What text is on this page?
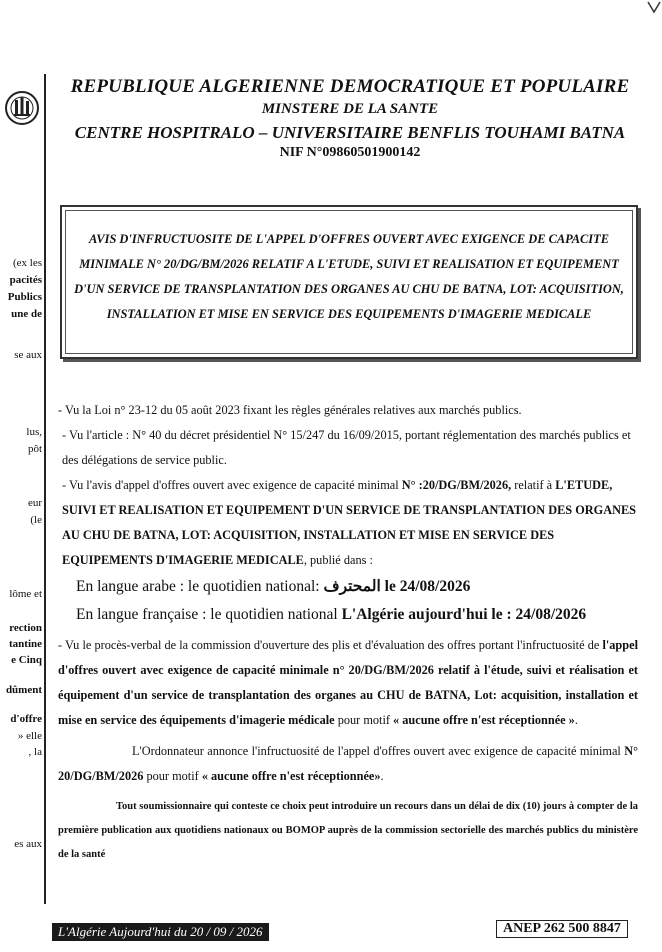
(ex les
pacités
Publics
une de
se aux
lus,
pôt
eur
(le
lôme et
rection
tantine
e Cinq
dûment
d'offre
» elle
, la
es aux
REPUBLIQUE ALGERIENNE DEMOCRATIQUE ET POPULAIRE
MINSTERE DE LA SANTE
CENTRE HOSPITRALO – UNIVERSITAIRE BENFLIS TOUHAMI BATNA
NIF N°09860501900142
AVIS D'INFRUCTUOSITE DE L'APPEL D'OFFRES OUVERT AVEC EXIGENCE DE CAPACITE MINIMALE N° 20/DG/BM/2026 RELATIF A L'ETUDE, SUIVI ET REALISATION ET EQUIPEMENT D'UN SERVICE DE TRANSPLANTATION DES ORGANES AU CHU DE BATNA, LOT: ACQUISITION, INSTALLATION ET MISE EN SERVICE DES EQUIPEMENTS D'IMAGERIE MEDICALE

- Vu la Loi n° 23-12 du 05 août 2023 fixant les règles générales relatives aux marchés publics.

- Vu l'article : N° 40 du décret présidentiel N° 15/247 du 16/09/2015, portant réglementation des marchés publics et des délégations de service public.

- Vu l'avis d'appel d'offres ouvert avec exigence de capacité minimal N° :20/DG/BM/2026, relatif à L'ETUDE, SUIVI ET REALISATION ET EQUIPEMENT D'UN SERVICE DE TRANSPLANTATION DES ORGANES AU CHU DE BATNA, LOT: ACQUISITION, INSTALLATION ET MISE EN SERVICE DES EQUIPEMENTS D'IMAGERIE MEDICALE, publié dans :

En langue arabe : le quotidien national: المحترف le 24/08/2026

En langue française : le quotidien national L'Algérie aujourd'hui le : 24/08/2026

- Vu le procès-verbal de la commission d'ouverture des plis et d'évaluation des offres portant l'infructuosité de l'appel d'offres ouvert avec exigence de capacité minimale n° 20/DG/BM/2026 relatif à l'étude, suivi et réalisation et équipement d'un service de transplantation des organes au CHU de BATNA, Lot: acquisition, installation et mise en service des équipements d'imagerie médicale pour motif « aucune offre n'est réceptionnée ».

L'Ordonnateur annonce l'infructuosité de l'appel d'offres ouvert avec exigence de capacité minimal N° 20/DG/BM/2026 pour motif « aucune offre n'est réceptionnée».

Tout soumissionnaire qui conteste ce choix peut introduire un recours dans un délai de dix (10) jours à compter de la première publication aux quotidiens nationaux ou BOMOP auprès de la commission sectorielle des marchés publics du ministère de la santé

L'Algérie Aujourd'hui du 20 / 09 / 2026	ANEP 262 500 8847
